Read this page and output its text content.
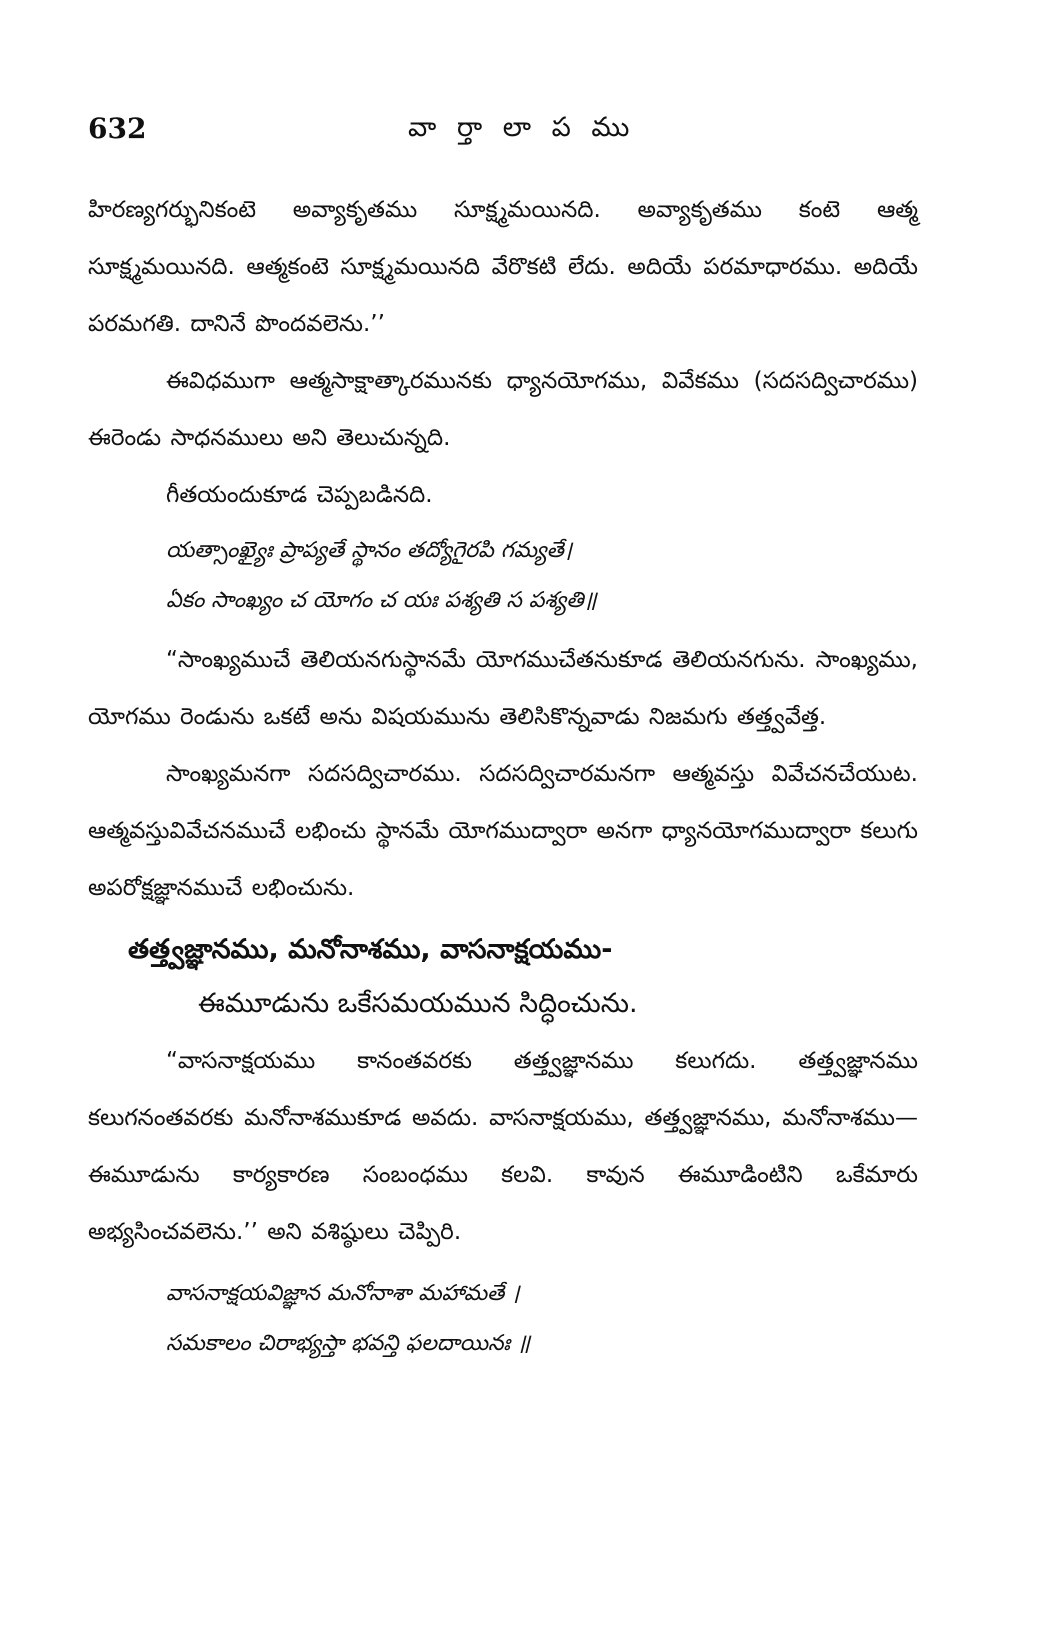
632	వా ర్తా లా ప ము

హిరణ్యగర్భునికంటె అవ్యాకృతము సూక్ష్మమయినది. అవ్యాకృతము కంటె ఆత్మ సూక్ష్మమయినది. ఆత్మకంటె సూక్ష్మమయినది వేరొకటి లేదు. అదియే పరమాధారము. అదియే పరమగతి. దానినే పొందవలెను.’’

ఈవిధముగా ఆత్మసాక్షాత్కారమునకు ధ్యానయోగము, వివేకము (సదసద్విచారము) ఈరెండు సాధనములు అని తెలుచున్నది.

గీతయందుకూడ చెప్పబడినది.

యత్సాంఖ్యైః ప్రాప్యతే స్థానం తద్యోగైరపి గమ్యతే।

ఏకం సాంఖ్యం చ యోగం చ యః పశ్యతి స పశ్యతి॥

“సాంఖ్యముచే తెలియనగుస్థానమే యోగముచేతనుకూడ తెలియనగును. సాంఖ్యము, యోగము రెండును ఒకటే అను విషయమును తెలిసికొన్నవాడు నిజమగు తత్త్వవేత్త.

సాంఖ్యమనగా సదసద్విచారము. సదసద్విచారమనగా ఆత్మవస్తు వివేచనచేయుట. ఆత్మవస్తువివేచనముచే లభించు స్థానమే యోగముద్వారా అనగా ధ్యానయోగముద్వారా కలుగు అపరోక్షజ్ఞానముచే లభించును.

తత్త్వజ్ఞానము, మనోనాశము, వాసనాక్షయము-

ఈమూడును ఒకేసమయమున సిద్ధించును.

“వాసనాక్షయము కానంతవరకు తత్త్వజ్ఞానము కలుగదు. తత్త్వజ్ఞానము కలుగనంతవరకు మనోనాశముకూడ అవదు. వాసనాక్షయము, తత్త్వజ్ఞానము, మనోనాశము— ఈమూడును కార్యకారణ సంబంధము కలవి. కావున ఈమూడింటిని ఒకేమారు అభ్యసించవలెను.’’ అని వశిష్ఠులు చెప్పిరి.

వాసనాక్షయవిజ్ఞాన మనోనాశా మహామతే ।

సమకాలం చిరాభ్యస్తా భవన్తి ఫలదాయినః ॥
